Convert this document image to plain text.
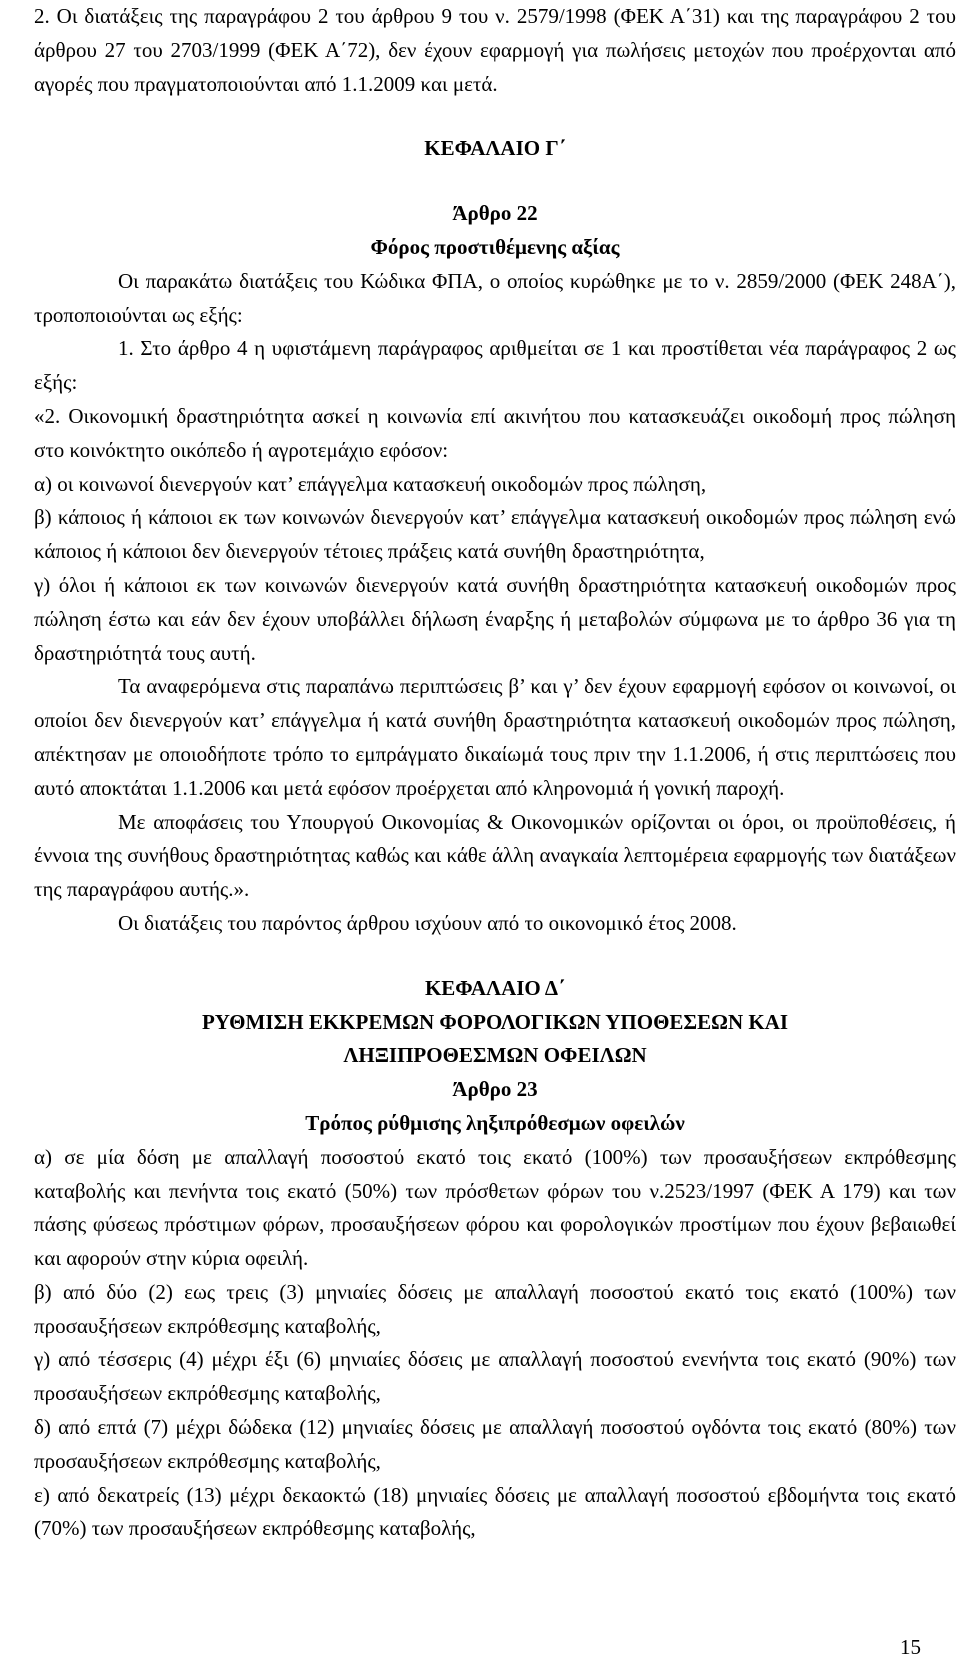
2. Οι διατάξεις της παραγράφου 2 του άρθρου 9 του ν. 2579/1998 (ΦΕΚ Α΄31) και της παραγράφου 2 του άρθρου 27 του 2703/1999 (ΦΕΚ Α΄72), δεν έχουν εφαρμογή για πωλήσεις μετοχών που προέρχονται από αγορές που πραγματοποιούνται από 1.1.2009 και μετά.

ΚΕΦΑΛΑΙΟ Γ΄

Άρθρο 22

Φόρος προστιθέμενης αξίας

Οι παρακάτω διατάξεις του Κώδικα ΦΠΑ, ο οποίος κυρώθηκε με το ν. 2859/2000 (ΦΕΚ 248Α΄), τροποποιούνται ως εξής:

1. Στο άρθρο 4 η υφιστάμενη παράγραφος αριθμείται σε 1 και προστίθεται νέα παράγραφος 2 ως εξής:

«2. Οικονομική δραστηριότητα ασκεί η κοινωνία επί ακινήτου που κατασκευάζει οικοδομή προς πώληση στο κοινόκτητο οικόπεδο ή αγροτεμάχιο εφόσον:

α) οι κοινωνοί διενεργούν κατ’ επάγγελμα κατασκευή οικοδομών προς πώληση,

β) κάποιος ή κάποιοι εκ των κοινωνών διενεργούν κατ’ επάγγελμα κατασκευή οικοδομών προς πώληση ενώ κάποιος ή κάποιοι δεν διενεργούν τέτοιες πράξεις κατά συνήθη δραστηριότητα,

γ) όλοι ή κάποιοι εκ των κοινωνών διενεργούν κατά συνήθη δραστηριότητα κατασκευή οικοδομών προς πώληση έστω και εάν δεν έχουν υποβάλλει δήλωση έναρξης ή μεταβολών σύμφωνα με το άρθρο 36 για τη δραστηριότητά τους αυτή.

Τα αναφερόμενα στις παραπάνω περιπτώσεις β’ και γ’ δεν έχουν εφαρμογή εφόσον οι κοινωνοί, οι οποίοι δεν διενεργούν κατ’ επάγγελμα ή κατά συνήθη δραστηριότητα κατασκευή οικοδομών προς πώληση, απέκτησαν με οποιοδήποτε τρόπο το εμπράγματο δικαίωμά τους πριν την 1.1.2006, ή στις περιπτώσεις που αυτό αποκτάται 1.1.2006 και μετά εφόσον προέρχεται από κληρονομιά ή γονική παροχή.

Με αποφάσεις του Υπουργού Οικονομίας & Οικονομικών ορίζονται οι όροι, οι προϋποθέσεις, ή έννοια της συνήθους δραστηριότητας καθώς και κάθε άλλη αναγκαία λεπτομέρεια εφαρμογής των διατάξεων της παραγράφου αυτής.».

Οι διατάξεις του παρόντος άρθρου ισχύουν από το οικονομικό έτος 2008.

ΚΕΦΑΛΑΙΟ Δ΄

ΡΥΘΜΙΣΗ ΕΚΚΡΕΜΩΝ ΦΟΡΟΛΟΓΙΚΩΝ ΥΠΟΘΕΣΕΩΝ ΚΑΙ

ΛΗΞΙΠΡΟΘΕΣΜΩΝ ΟΦΕΙΛΩΝ

Άρθρο 23

Τρόπος ρύθμισης ληξιπρόθεσμων οφειλών

α) σε μία δόση με απαλλαγή ποσοστού εκατό τοις εκατό (100%) των προσαυξήσεων εκπρόθεσμης καταβολής και πενήντα τοις εκατό (50%) των πρόσθετων φόρων του ν.2523/1997 (ΦΕΚ Α 179) και των πάσης φύσεως πρόστιμων φόρων, προσαυξήσεων φόρου και φορολογικών προστίμων που έχουν βεβαιωθεί και αφορούν στην κύρια οφειλή.

β) από δύο (2) εως τρεις (3) μηνιαίες δόσεις με απαλλαγή ποσοστού εκατό τοις εκατό (100%) των προσαυξήσεων εκπρόθεσμης καταβολής,

γ) από τέσσερις (4) μέχρι έξι (6) μηνιαίες δόσεις με απαλλαγή ποσοστού ενενήντα τοις εκατό (90%) των προσαυξήσεων εκπρόθεσμης καταβολής,

δ) από επτά (7) μέχρι δώδεκα (12) μηνιαίες δόσεις με απαλλαγή ποσοστού ογδόντα τοις εκατό (80%) των προσαυξήσεων εκπρόθεσμης καταβολής,

ε) από δεκατρείς (13) μέχρι δεκαοκτώ (18) μηνιαίες δόσεις με απαλλαγή ποσοστού εβδομήντα τοις εκατό (70%) των προσαυξήσεων εκπρόθεσμης καταβολής,

15
